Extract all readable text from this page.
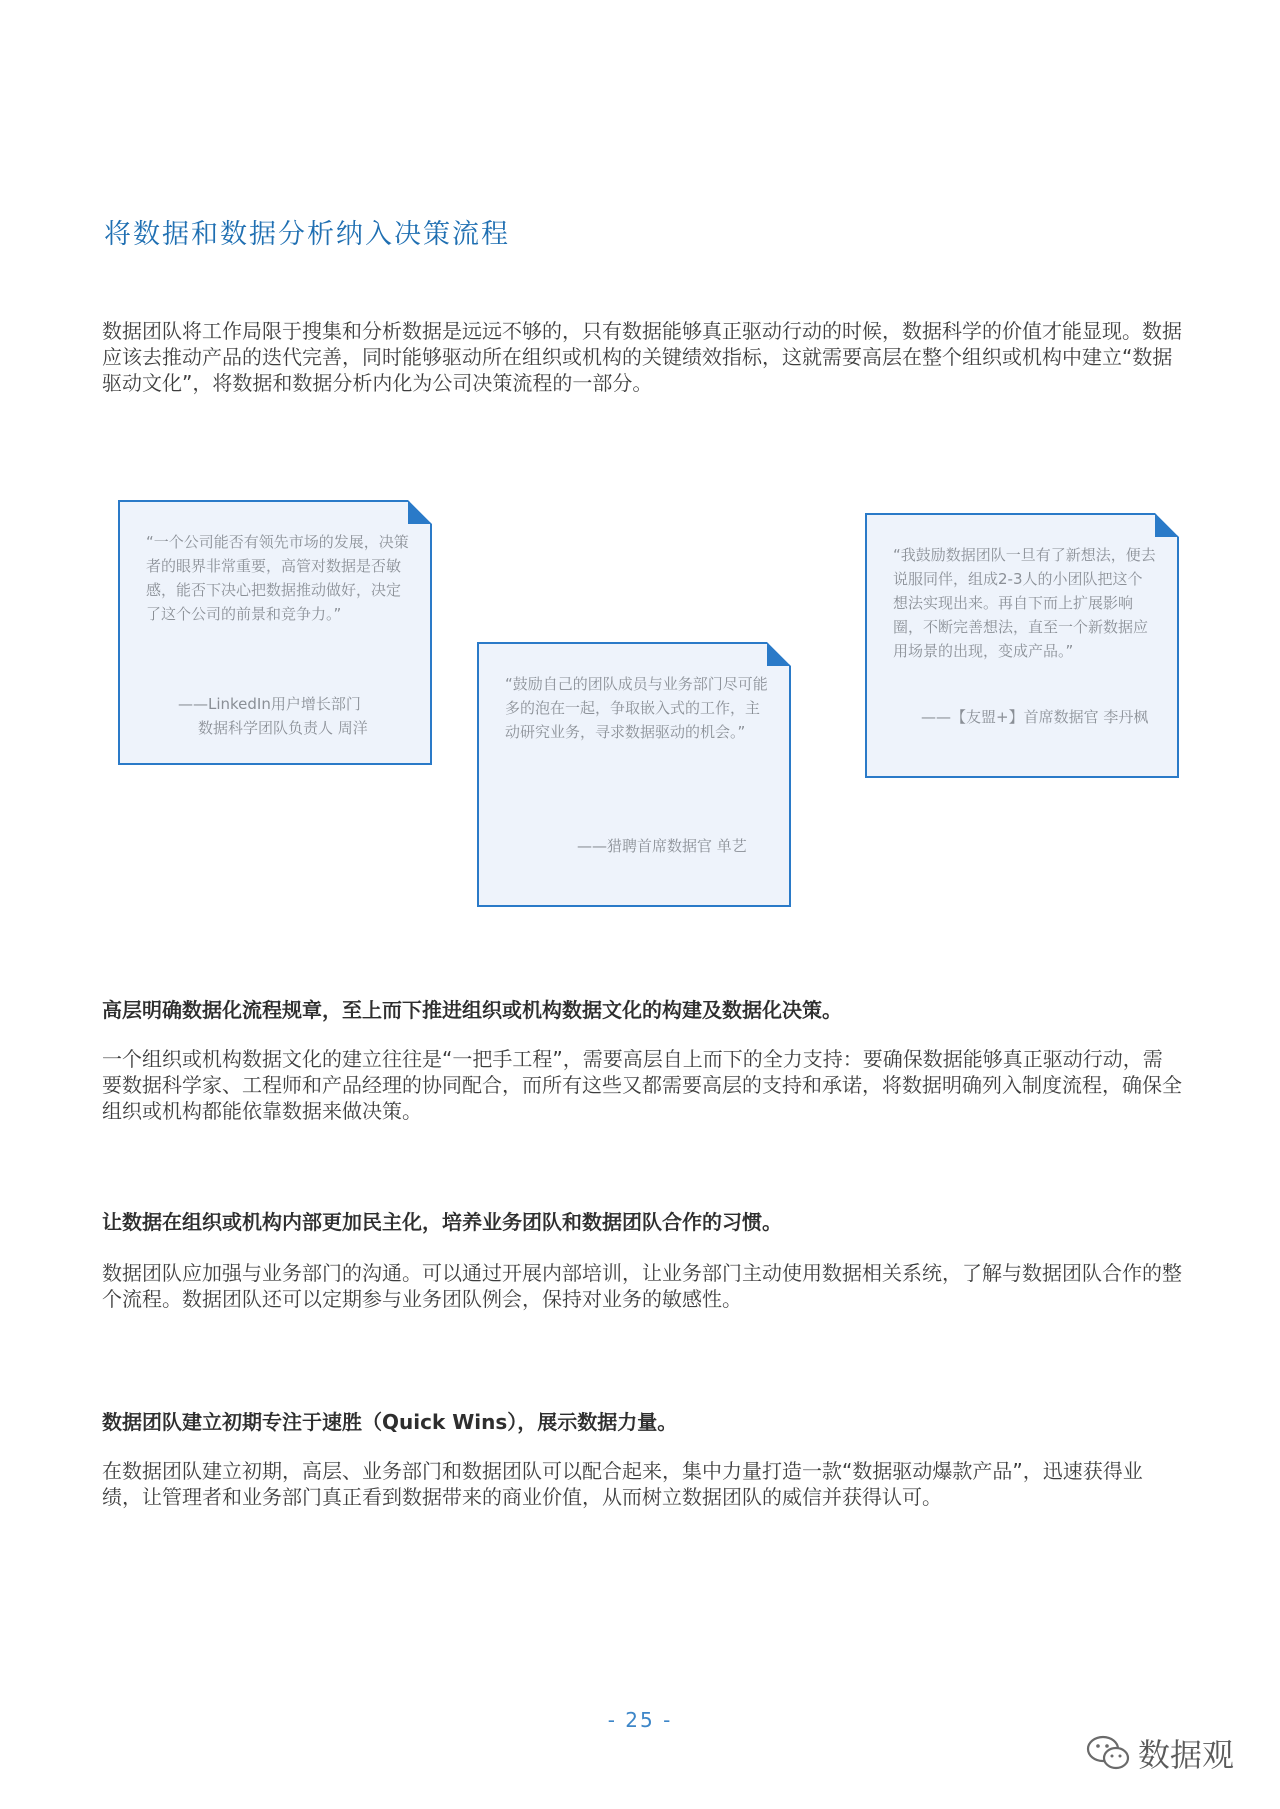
将数据和数据分析纳入决策流程
数据团队将工作局限于搜集和分析数据是远远不够的，只有数据能够真正驱动行动的时候，数据科学的价值才能显现。数据应该去推动产品的迭代完善，同时能够驱动所在组织或机构的关键绩效指标，这就需要高层在整个组织或机构中建立“数据驱动文化”，将数据和数据分析内化为公司决策流程的一部分。
“一个公司能否有领先市场的发展，决策者的眼界非常重要，高管对数据是否敏感，能否下决心把数据推动做好，决定了这个公司的前景和竞争力。”
——LinkedIn用户增长部门
数据科学团队负责人 周洋
“鼓励自己的团队成员与业务部门尽可能多的泡在一起，争取嵌入式的工作，主动研究业务，寻求数据驱动的机会。”
——猎聘首席数据官 单艺
“我鼓励数据团队一旦有了新想法，便去说服同伴，组成2-3人的小团队把这个想法实现出来。再自下而上扩展影响圈，不断完善想法，直至一个新数据应用场景的出现，变成产品。”
——【友盟+】首席数据官 李丹枫
高层明确数据化流程规章，至上而下推进组织或机构数据文化的构建及数据化决策。
一个组织或机构数据文化的建立往往是“一把手工程”，需要高层自上而下的全力支持：要确保数据能够真正驱动行动，需要数据科学家、工程师和产品经理的协同配合，而所有这些又都需要高层的支持和承诺，将数据明确列入制度流程，确保全组织或机构都能依靠数据来做决策。
让数据在组织或机构内部更加民主化，培养业务团队和数据团队合作的习惯。
数据团队应加强与业务部门的沟通。可以通过开展内部培训，让业务部门主动使用数据相关系统，了解与数据团队合作的整个流程。数据团队还可以定期参与业务团队例会，保持对业务的敏感性。
数据团队建立初期专注于速胜（Quick Wins），展示数据力量。
在数据团队建立初期，高层、业务部门和数据团队可以配合起来，集中力量打造一款“数据驱动爆款产品”，迅速获得业绩，让管理者和业务部门真正看到数据带来的商业价值，从而树立数据团队的威信并获得认可。
- 25 -
数据观
